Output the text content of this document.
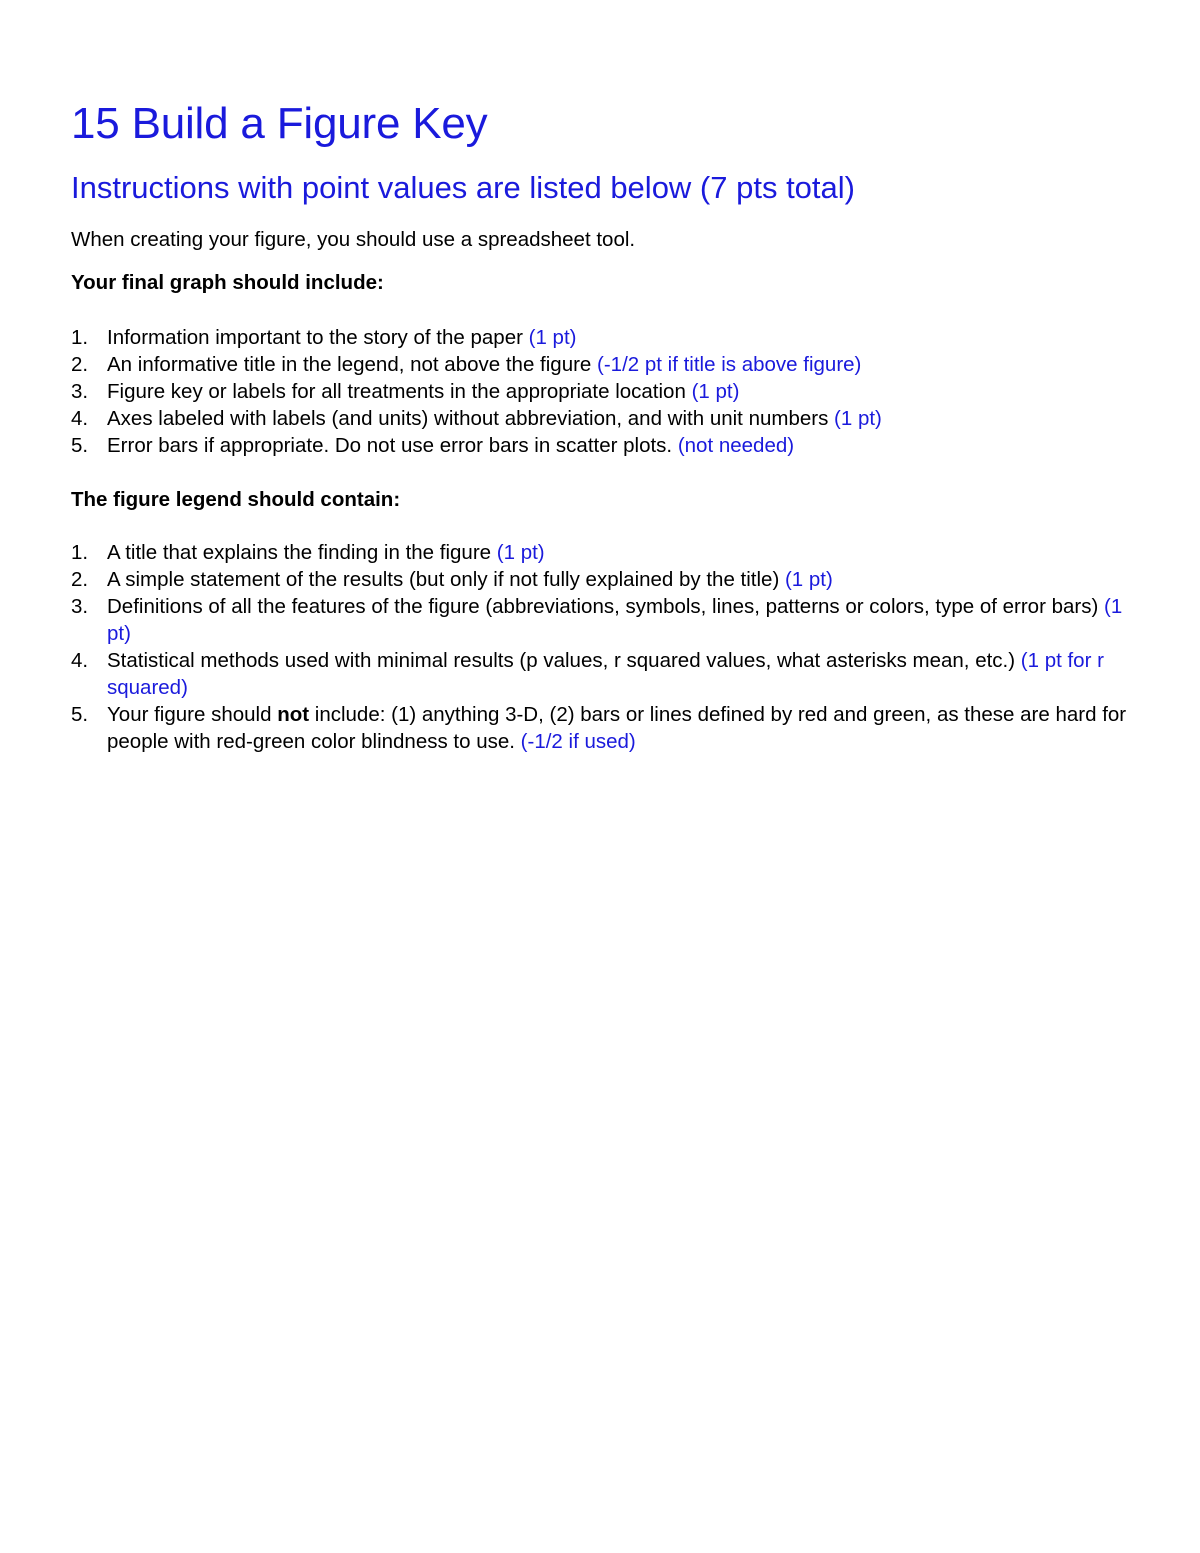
15 Build a Figure Key
Instructions with point values are listed below (7 pts total)

When creating your figure, you should use a spreadsheet tool.

Your final graph should include:

1. Information important to the story of the paper (1 pt)
2. An informative title in the legend, not above the figure (-1/2 pt if title is above figure)
3. Figure key or labels for all treatments in the appropriate location (1 pt)
4. Axes labeled with labels (and units) without abbreviation, and with unit numbers (1 pt)
5. Error bars if appropriate. Do not use error bars in scatter plots. (not needed)

The figure legend should contain:

1. A title that explains the finding in the figure (1 pt)
2. A simple statement of the results (but only if not fully explained by the title) (1 pt)
3. Definitions of all the features of the figure (abbreviations, symbols, lines, patterns or colors, type of error bars) (1 pt)
4. Statistical methods used with minimal results (p values, r squared values, what asterisks mean, etc.) (1 pt for r squared)
5. Your figure should not include: (1) anything 3-D, (2) bars or lines defined by red and green, as these are hard for people with red-green color blindness to use. (-1/2 if used)
